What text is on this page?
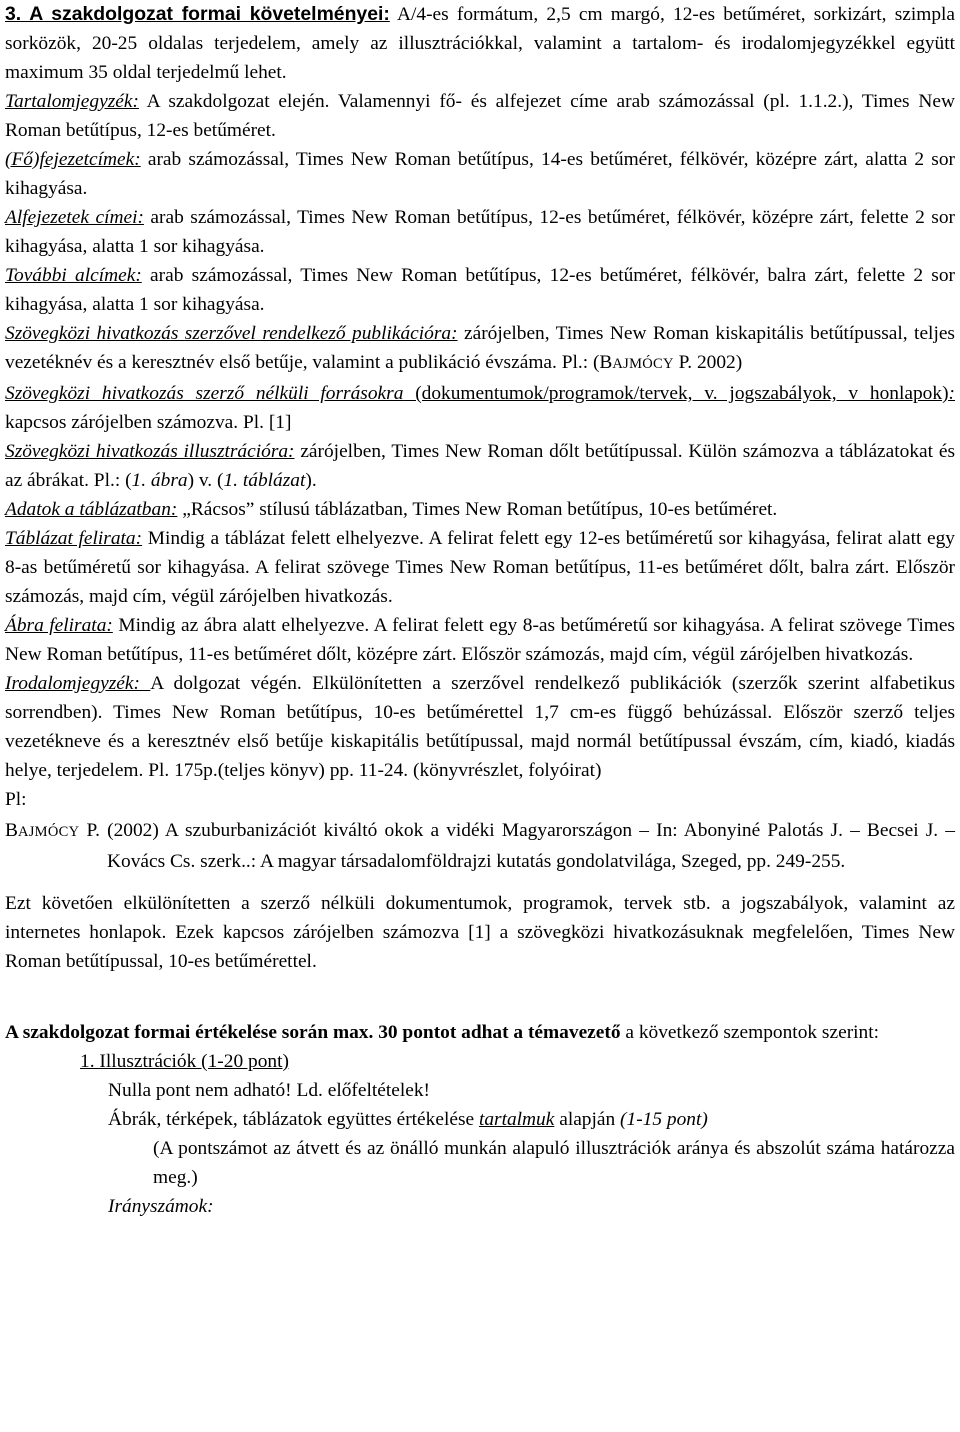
3. A szakdolgozat formai követelményei: A/4-es formátum, 2,5 cm margó, 12-es betűméret, sorkizárt, szimpla sorközök, 20-25 oldalas terjedelem, amely az illusztrációkkal, valamint a tartalom- és irodalomjegyzékkel együtt maximum 35 oldal terjedelmű lehet.

Tartalomjegyzék: A szakdolgozat elején. Valamennyi fő- és alfejezet címe arab számozással (pl. 1.1.2.), Times New Roman betűtípus, 12-es betűméret.

(Fő)fejezetcímek: arab számozással, Times New Roman betűtípus, 14-es betűméret, félkövér, középre zárt, alatta 2 sor kihagyása.

Alfejezetek címei: arab számozással, Times New Roman betűtípus, 12-es betűméret, félkövér, középre zárt, felette 2 sor kihagyása, alatta 1 sor kihagyása.

További alcímek: arab számozással, Times New Roman betűtípus, 12-es betűméret, félkövér, balra zárt, felette 2 sor kihagyása, alatta 1 sor kihagyása.

Szövegközi hivatkozás szerzővel rendelkező publikációra: zárójelben, Times New Roman kiskapitális betűtípussal, teljes vezetéknév és a keresztnév első betűje, valamint a publikáció évszáma. Pl.: (BAJMÓCY P. 2002)

Szövegközi hivatkozás szerző nélküli forrásokra (dokumentumok/programok/tervek, v. jogszabályok, v honlapok): kapcsos zárójelben számozva. Pl. [1]

Szövegközi hivatkozás illusztrációra: zárójelben, Times New Roman dőlt betűtípussal. Külön számozva a táblázatokat és az ábrákat. Pl.: (1. ábra) v. (1. táblázat).

Adatok a táblázatban: „Rácsos” stílusú táblázatban, Times New Roman betűtípus, 10-es betűméret.

Táblázat felirata: Mindig a táblázat felett elhelyezve. A felirat felett egy 12-es betűméretű sor kihagyása, felirat alatt egy 8-as betűméretű sor kihagyása. A felirat szövege Times New Roman betűtípus, 11-es betűméret dőlt, balra zárt. Először számozás, majd cím, végül zárójelben hivatkozás.

Ábra felirata: Mindig az ábra alatt elhelyezve. A felirat felett egy 8-as betűméretű sor kihagyása. A felirat szövege Times New Roman betűtípus, 11-es betűméret dőlt, középre zárt. Először számozás, majd cím, végül zárójelben hivatkozás.

Irodalomjegyzék: A dolgozat végén. Elkülönítetten a szerzővel rendelkező publikációk (szerzők szerint alfabetikus sorrendben). Times New Roman betűtípus, 10-es betűmérettel 1,7 cm-es függő behúzással. Először szerző teljes vezetékneve és a keresztnév első betűje kiskapitális betűtípussal, majd normál betűtípussal évszám, cím, kiadó, kiadás helye, terjedelem. Pl. 175p.(teljes könyv) pp. 11-24. (könyvrészlet, folyóirat)

Pl:

BAJMÓCY P. (2002) A szuburbanizációt kiváltó okok a vidéki Magyarországon – In: Abonyiné Palotás J. – Becsei J. – Kovács Cs. szerk..: A magyar társadalomföldrajzi kutatás gondolatvilága, Szeged, pp. 249-255.

Ezt követően elkülönítetten a szerző nélküli dokumentumok, programok, tervek stb. a jogszabályok, valamint az internetes honlapok. Ezek kapcsos zárójelben számozva [1] a szövegközi hivatkozásuknak megfelelően, Times New Roman betűtípussal, 10-es betűmérettel.

A szakdolgozat formai értékelése során max. 30 pontot adhat a témavezető a következő szempontok szerint:

1. Illusztrációk (1-20 pont)

Nulla pont nem adható! Ld. előfeltételek!

Ábrák, térképek, táblázatok együttes értékelése tartalmuk alapján (1-15 pont)

(A pontszámot az átvett és az önálló munkán alapuló illusztrációk aránya és abszolút száma határozza meg.)

Irányszámok:
